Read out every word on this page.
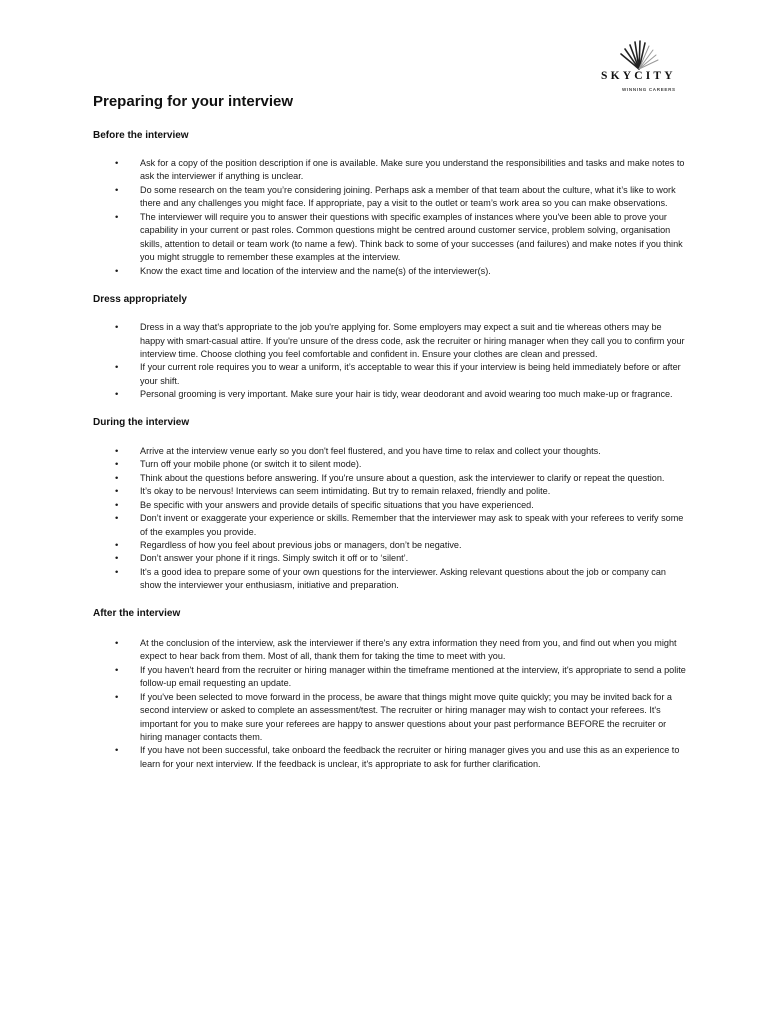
SKYCITY
WINNING CAREERS
Preparing for your interview
Before the interview
• Ask for a copy of the position description if one is available. Make sure you understand the responsibilities and tasks and make notes to ask the interviewer if anything is unclear.
• Do some research on the team you’re considering joining. Perhaps ask a member of that team about the culture, what it’s like to work there and any challenges you might face. If appropriate, pay a visit to the outlet or team’s work area so you can make observations.
• The interviewer will require you to answer their questions with specific examples of instances where you've been able to prove your capability in your current or past roles. Common questions might be centred around customer service, problem solving, organisation skills, attention to detail or team work (to name a few). Think back to some of your successes (and failures) and make notes if you think you might struggle to remember these examples at the interview.
• Know the exact time and location of the interview and the name(s) of the interviewer(s).
Dress appropriately
• Dress in a way that's appropriate to the job you're applying for. Some employers may expect a suit and tie whereas others may be happy with smart-casual attire. If you're unsure of the dress code, ask the recruiter or hiring manager when they call you to confirm your interview time. Choose clothing you feel comfortable and confident in. Ensure your clothes are clean and pressed.
• If your current role requires you to wear a uniform, it’s acceptable to wear this if your interview is being held immediately before or after your shift.
• Personal grooming is very important. Make sure your hair is tidy, wear deodorant and avoid wearing too much make-up or fragrance.
During the interview
• Arrive at the interview venue early so you don't feel flustered, and you have time to relax and collect your thoughts.
• Turn off your mobile phone (or switch it to silent mode).
• Think about the questions before answering. If you're unsure about a question, ask the interviewer to clarify or repeat the question.
• It’s okay to be nervous! Interviews can seem intimidating. But try to remain relaxed, friendly and polite.
• Be specific with your answers and provide details of specific situations that you have experienced.
• Don’t invent or exaggerate your experience or skills. Remember that the interviewer may ask to speak with your referees to verify some of the examples you provide.
• Regardless of how you feel about previous jobs or managers, don’t be negative.
• Don’t answer your phone if it rings. Simply switch it off or to ‘silent’.
• It's a good idea to prepare some of your own questions for the interviewer. Asking relevant questions about the job or company can show the interviewer your enthusiasm, initiative and preparation.
After the interview
• At the conclusion of the interview, ask the interviewer if there's any extra information they need from you, and find out when you might expect to hear back from them. Most of all, thank them for taking the time to meet with you.
• If you haven't heard from the recruiter or hiring manager within the timeframe mentioned at the interview, it's appropriate to send a polite follow-up email requesting an update.
• If you've been selected to move forward in the process, be aware that things might move quite quickly; you may be invited back for a second interview or asked to complete an assessment/test. The recruiter or hiring manager may wish to contact your referees. It's important for you to make sure your referees are happy to answer questions about your past performance BEFORE the recruiter or hiring manager contacts them.
• If you have not been successful, take onboard the feedback the recruiter or hiring manager gives you and use this as an experience to learn for your next interview. If the feedback is unclear, it's appropriate to ask for further clarification.
